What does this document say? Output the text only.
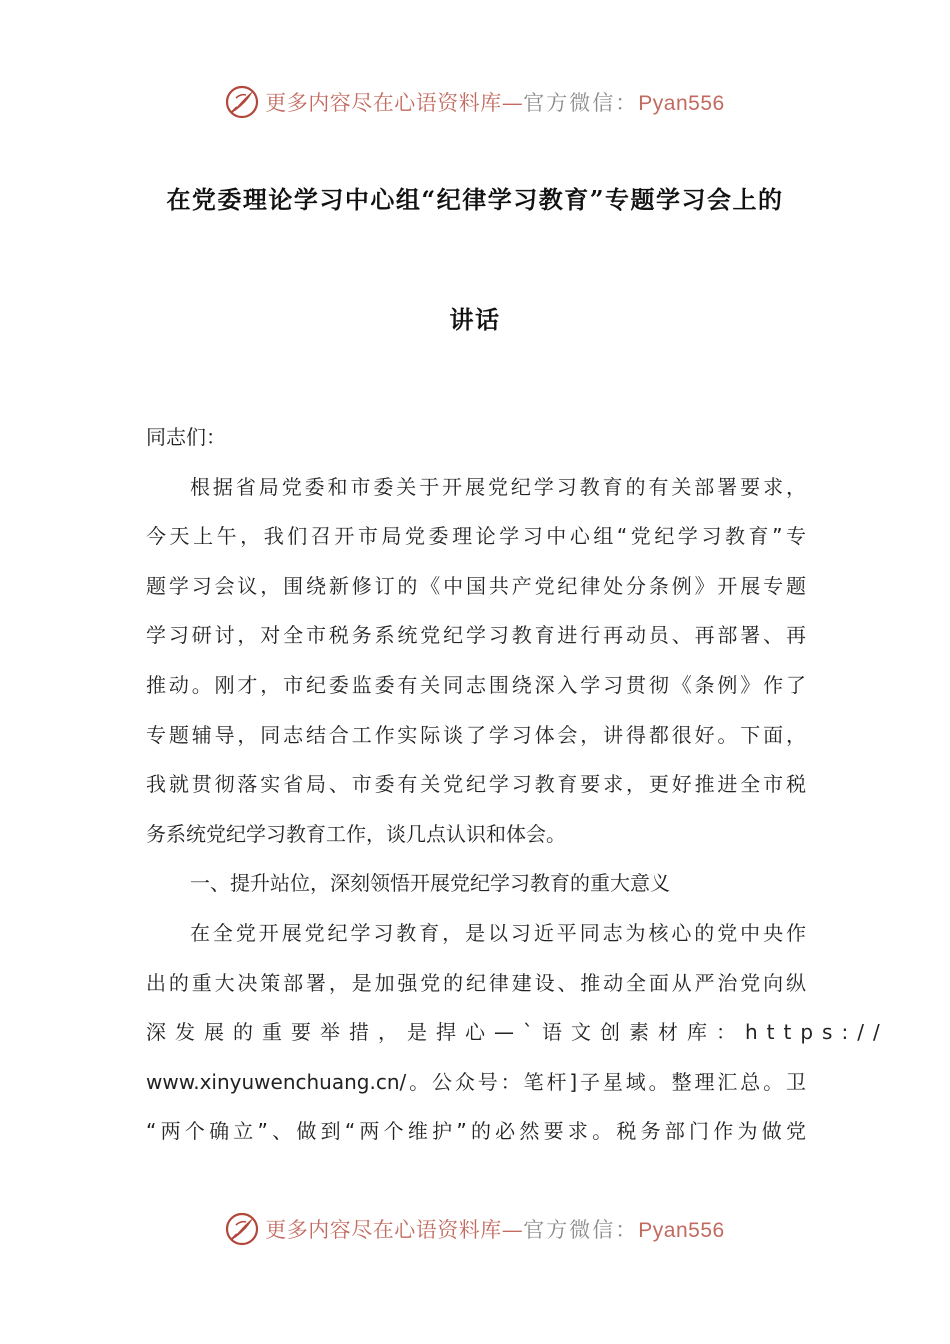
更多内容尽在心语资料库—官方微信：Pyan556
在党委理论学习中心组“纪律学习教育”专题学习会上的
讲话
同志们：
根据省局党委和市委关于开展党纪学习教育的有关部署要求，
今天上午，我们召开市局党委理论学习中心组“党纪学习教育”专
题学习会议，围绕新修订的《中国共产党纪律处分条例》开展专题
学习研讨，对全市税务系统党纪学习教育进行再动员、再部署、再
推动。刚才，市纪委监委有关同志围绕深入学习贯彻《条例》作了
专题辅导，同志结合工作实际谈了学习体会，讲得都很好。下面，
我就贯彻落实省局、市委有关党纪学习教育要求，更好推进全市税
务系统党纪学习教育工作，谈几点认识和体会。
一、提升站位，深刻领悟开展党纪学习教育的重大意义
在全党开展党纪学习教育，是以习近平同志为核心的党中央作
出的重大决策部署，是加强党的纪律建设、推动全面从严治党向纵
深发展的重要举措，是捍心—`语文创素材库：https://
www.xinyuwenchuang.cn/。公众号：笔杆]子星域。整理汇总。卫
“两个确立”、做到“两个维护”的必然要求。税务部门作为做党
更多内容尽在心语资料库—官方微信：Pyan556
